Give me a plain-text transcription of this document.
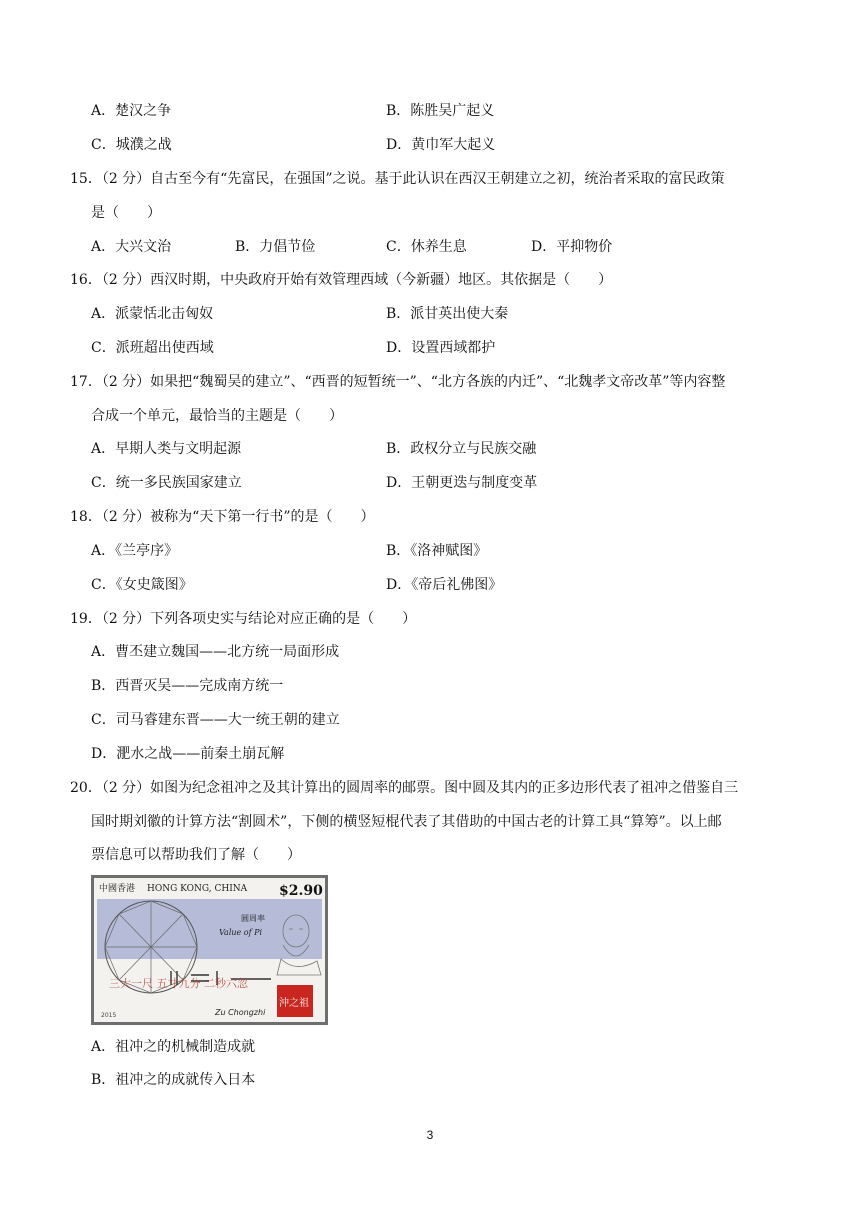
A．楚汉之争	B．陈胜吴广起义
C．城濮之战	D．黄巾军大起义
15．（2 分）自古至今有“先富民，在强国”之说。基于此认识在西汉王朝建立之初，统治者采取的富民政策
是（　　）
A．大兴文治	B．力倡节俭	C．休养生息	D．平抑物价
16．（2 分）西汉时期，中央政府开始有效管理西域（今新疆）地区。其依据是（　　）
A．派蒙恬北击匈奴	B．派甘英出使大秦
C．派班超出使西域	D．设置西域都护
17．（2 分）如果把“魏蜀吴的建立”、“西晋的短暂统一”、“北方各族的内迁”、“北魏孝文帝改革”等内容整
合成一个单元，最恰当的主题是（　　）
A．早期人类与文明起源	B．政权分立与民族交融
C．统一多民族国家建立	D．王朝更迭与制度变革
18．（2 分）被称为“天下第一行书”的是（　　）
A．《兰亭序》	B．《洛神赋图》
C．《女史箴图》	D．《帝后礼佛图》
19．（2 分）下列各项史实与结论对应正确的是（　　）
A．曹丕建立魏国——北方统一局面形成
B．西晋灭吴——完成南方统一
C．司马睿建东晋——大一统王朝的建立
D．淝水之战——前秦土崩瓦解
20．（2 分）如图为纪念祖冲之及其计算出的圆周率的邮票。图中圆及其内的正多边形代表了祖冲之借鉴自三
国时期刘徽的计算方法“割圆术”，下侧的横竖短棍代表了其借助的中国古老的计算工具“算筹”。以上邮
票信息可以帮助我们了解（　　）
中國香港 HONG KONG, CHINA $2.90
圓周率
Value of Pi
三大一尺 五寸九分 二秒六忽
沖之祖
Zu Chongzhi
2015
A．祖冲之的机械制造成就
B．祖冲之的成就传入日本
3
